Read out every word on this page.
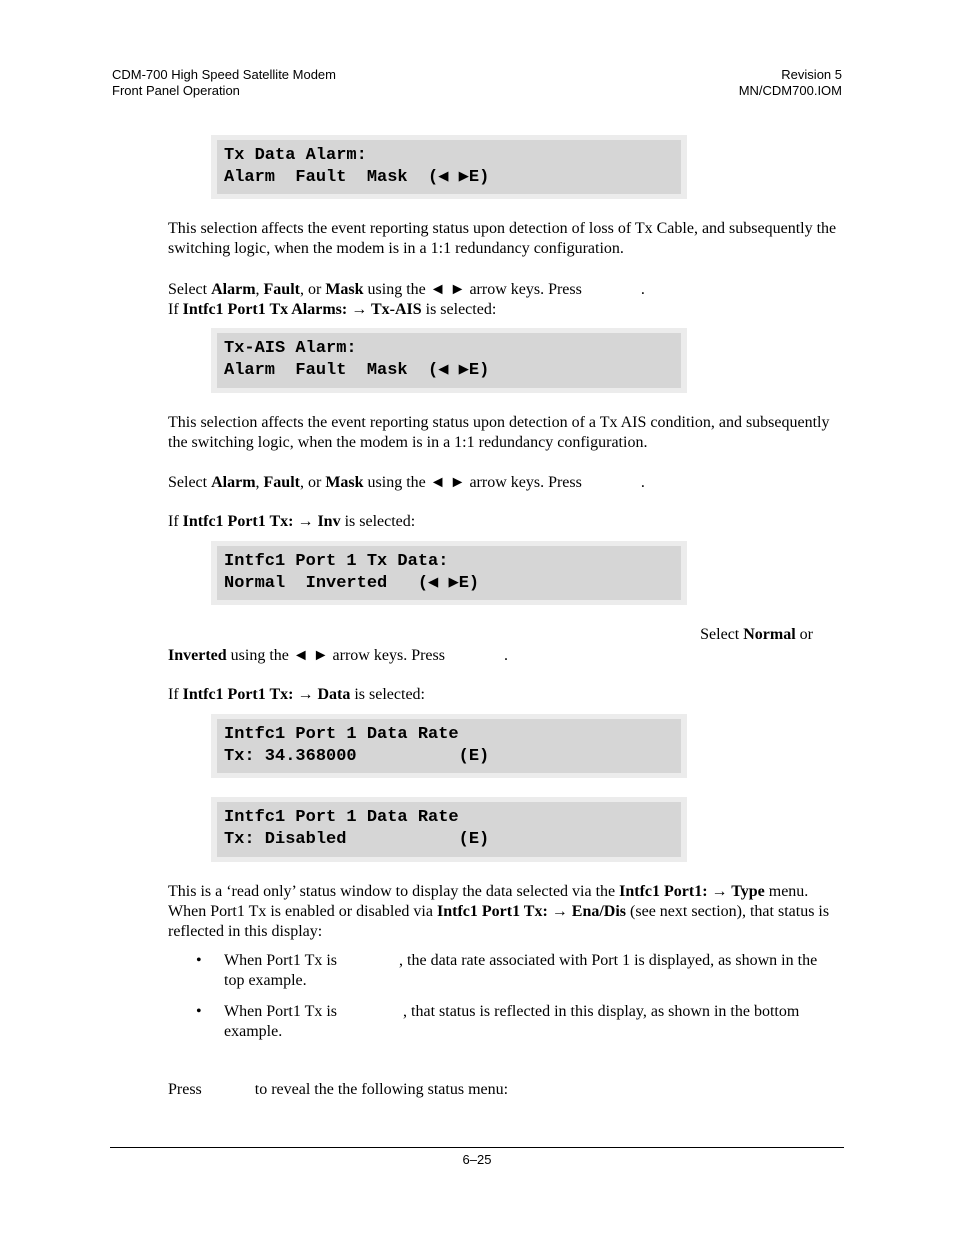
CDM-700 High Speed Satellite Modem
Front Panel Operation
Revision 5
MN/CDM700.IOM
Tx Data Alarm:
Alarm  Fault  Mask  (◀ ▶E)
This selection affects the event reporting status upon detection of loss of Tx Cable, and subsequently the switching logic, when the modem is in a 1:1 redundancy configuration.
Select Alarm, Fault, or Mask using the ◄ ► arrow keys. Press	.
If Intfc1 Port1 Tx Alarms: → Tx-AIS is selected:
Tx-AIS Alarm:
Alarm  Fault  Mask  (◀ ▶E)
This selection affects the event reporting status upon detection of a Tx AIS condition, and subsequently the switching logic, when the modem is in a 1:1 redundancy configuration.
Select Alarm, Fault, or Mask using the ◄ ► arrow keys. Press	.
If Intfc1 Port1 Tx: → Inv is selected:
Intfc1 Port 1 Tx Data:
Normal  Inverted   (◀ ▶E)
Select Normal or
Inverted using the ◄ ► arrow keys. Press	.
If Intfc1 Port1 Tx: → Data is selected:
Intfc1 Port 1 Data Rate
Tx: 34.368000          (E)
Intfc1 Port 1 Data Rate
Tx: Disabled           (E)
This is a ‘read only’ status window to display the data selected via the Intfc1 Port1: → Type menu. When Port1 Tx is enabled or disabled via Intfc1 Port1 Tx: → Ena/Dis (see next section), that status is reflected in this display:
• When Port1 Tx is	, the data rate associated with Port 1 is displayed, as shown in the top example.
• When Port1 Tx is	, that status is reflected in this display, as shown in the bottom example.
Press	to reveal the the following status menu:
6–25
